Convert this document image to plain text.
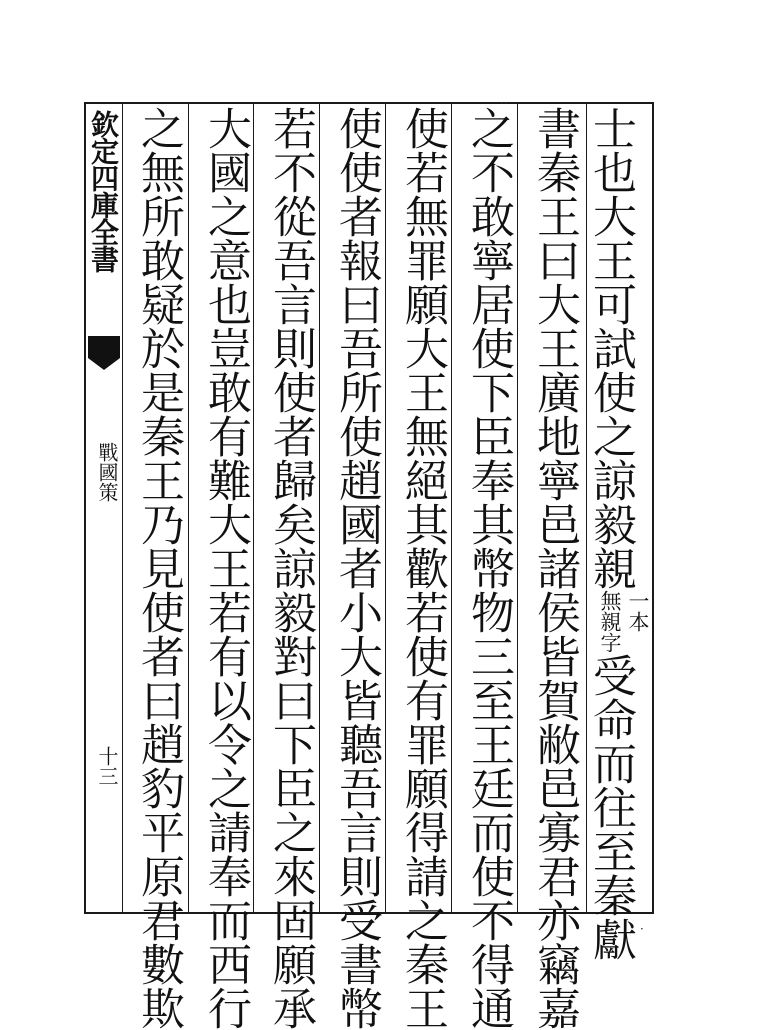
欽定四庫全書
戰國策
十三
士也大王可試使之諒毅親
一本
無親字
受命而往至秦獻
書秦王曰大王廣地寧邑諸侯皆賀敝邑寡君亦竊嘉
之不敢寧居使下臣奉其幣物三至王廷而使不得通
使若無罪願大王無絕其歡若使有罪願得請之秦王
使使者報曰吾所使趙國者小大皆聽吾言則受書幣
若不從吾言則使者歸矣諒毅對曰下臣之來固願承
大國之意也豈敢有難大王若有以令之請奉而西行
之無所敢疑於是秦王乃見使者曰趙豹平原君數欺
··
·
